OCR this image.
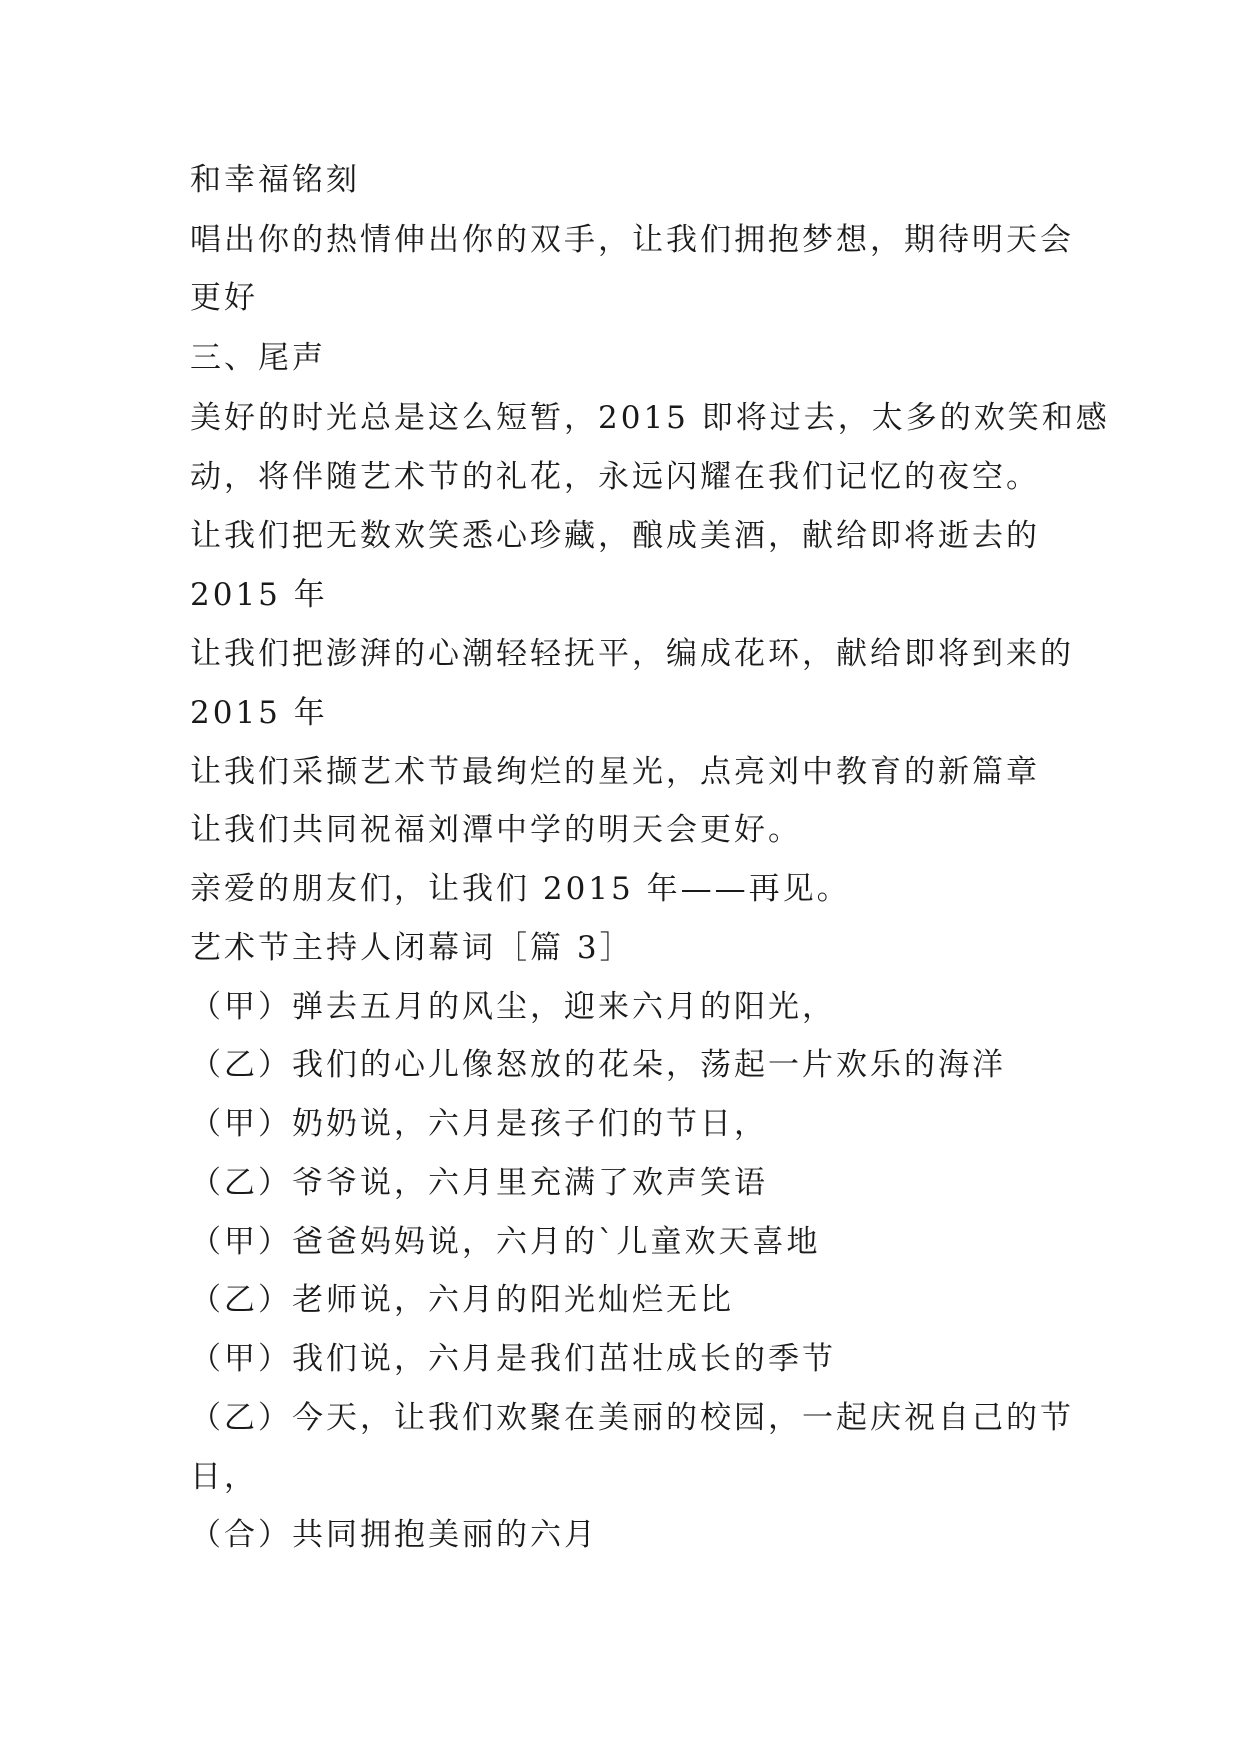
和幸福铭刻
唱出你的热情伸出你的双手，让我们拥抱梦想，期待明天会
更好
三、尾声
美好的时光总是这么短暂，2015 即将过去，太多的欢笑和感
动，将伴随艺术节的礼花，永远闪耀在我们记忆的夜空。
让我们把无数欢笑悉心珍藏，酿成美酒，献给即将逝去的
2015 年
让我们把澎湃的心潮轻轻抚平，编成花环，献给即将到来的
2015 年
让我们采撷艺术节最绚烂的星光，点亮刘中教育的新篇章
让我们共同祝福刘潭中学的明天会更好。
亲爱的朋友们，让我们 2015 年——再见。
艺术节主持人闭幕词［篇 3］
（甲）弹去五月的风尘，迎来六月的阳光，
（乙）我们的心儿像怒放的花朵，荡起一片欢乐的海洋
（甲）奶奶说，六月是孩子们的节日，
（乙）爷爷说，六月里充满了欢声笑语
（甲）爸爸妈妈说，六月的`儿童欢天喜地
（乙）老师说，六月的阳光灿烂无比
（甲）我们说，六月是我们茁壮成长的季节
（乙）今天，让我们欢聚在美丽的校园，一起庆祝自己的节
日，
（合）共同拥抱美丽的六月
